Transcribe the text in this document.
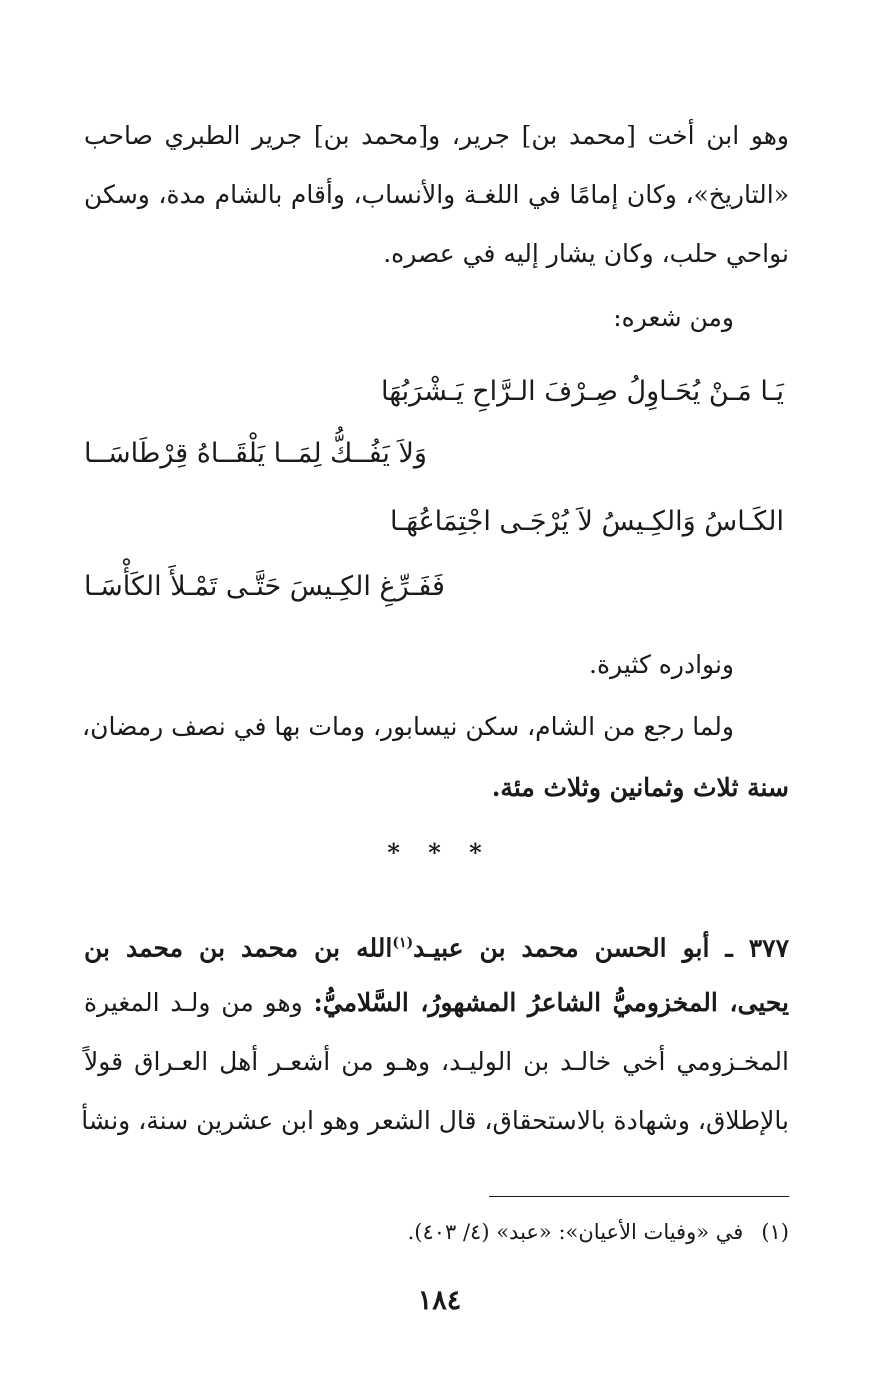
وهو ابن أخت [محمد بن] جرير، و[محمد بن] جرير الطبري صاحب
«التاريخ»، وكان إمامًا في اللغـة والأنساب، وأقام بالشام مدة، وسكن
نواحي حلب، وكان يشار إليه في عصره.
ومن شعره:
يَـا مَـنْ يُحَـاوِلُ صِـرْفَ الـرَّاحِ يَـشْرَبُهَا
وَلاَ يَفُــكُّ لِمَــا يَلْقَــاهُ قِرْطَاسَــا
الكَـاسُ وَالكِـيسُ لاَ يُرْجَـى اجْتِمَاعُهَـا
فَفَـرِّغِ الكِـيسَ حَتَّـى تَمْـلأَ الكَأْسَـا
ونوادره كثيرة.
ولما رجع من الشام، سكن نيسابور، ومات بها في نصف رمضان،
سنة ثلاث وثمانين وثلاث مئة.
* * *
٣٧٧ ـ أبو الحسن محمد بن عبيـد$^{(١)}$الله بن محمد بن محمد بن
يحيى، المخزوميُّ الشاعرُ المشهورُ، السَّلاميُّ: وهو من ولـد المغيرة
المخـزومي أخي خالـد بن الوليـد، وهـو من أشعـر أهل العـراق قولاً
بالإطلاق، وشهادة بالاستحقاق، قال الشعر وهو ابن عشرين سنة، ونشأ
(١)في «وفيات الأعيان»: «عبد» (٤/ ٤٠٣).
١٨٤
